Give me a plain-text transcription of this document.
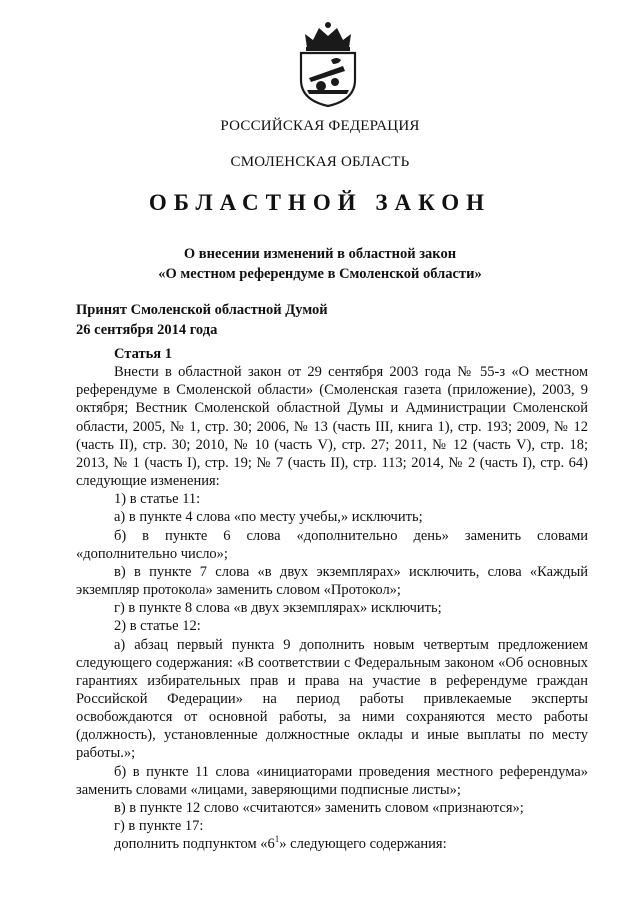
РОССИЙСКАЯ ФЕДЕРАЦИЯ
СМОЛЕНСКАЯ ОБЛАСТЬ
ОБЛАСТНОЙ ЗАКОН
О внесении изменений в областной закон
«О местном референдуме в Смоленской области»
Принят Смоленской областной Думой
26 сентября 2014 года

Статья 1

Внести в областной закон от 29 сентября 2003 года № 55-з «О местном референдуме в Смоленской области» (Смоленская газета (приложение), 2003, 9 октября; Вестник Смоленской областной Думы и Администрации Смоленской области, 2005, № 1, стр. 30; 2006, № 13 (часть III, книга 1), стр. 193; 2009, № 12 (часть II), стр. 30; 2010, № 10 (часть V), стр. 27; 2011, № 12 (часть V), стр. 18; 2013, № 1 (часть I), стр. 19; № 7 (часть II), стр. 113; 2014, № 2 (часть I), стр. 64) следующие изменения:

1) в статье 11:

а) в пункте 4 слова «по месту учебы,» исключить;

б) в пункте 6 слова «дополнительно день» заменить словами «дополнительно число»;

в) в пункте 7 слова «в двух экземплярах» исключить, слова «Каждый экземпляр протокола» заменить словом «Протокол»;

г) в пункте 8 слова «в двух экземплярах» исключить;

2) в статье 12:

а) абзац первый пункта 9 дополнить новым четвертым предложением следующего содержания: «В соответствии с Федеральным законом «Об основных гарантиях избирательных прав и права на участие в референдуме граждан Российской Федерации» на период работы привлекаемые эксперты освобождаются от основной работы, за ними сохраняются место работы (должность), установленные должностные оклады и иные выплаты по месту работы.»;

б) в пункте 11 слова «инициаторами проведения местного референдума» заменить словами «лицами, заверяющими подписные листы»;

в) в пункте 12 слово «считаются» заменить словом «признаются»;

г) в пункте 17:

дополнить подпунктом «$6^1$» следующего содержания:
